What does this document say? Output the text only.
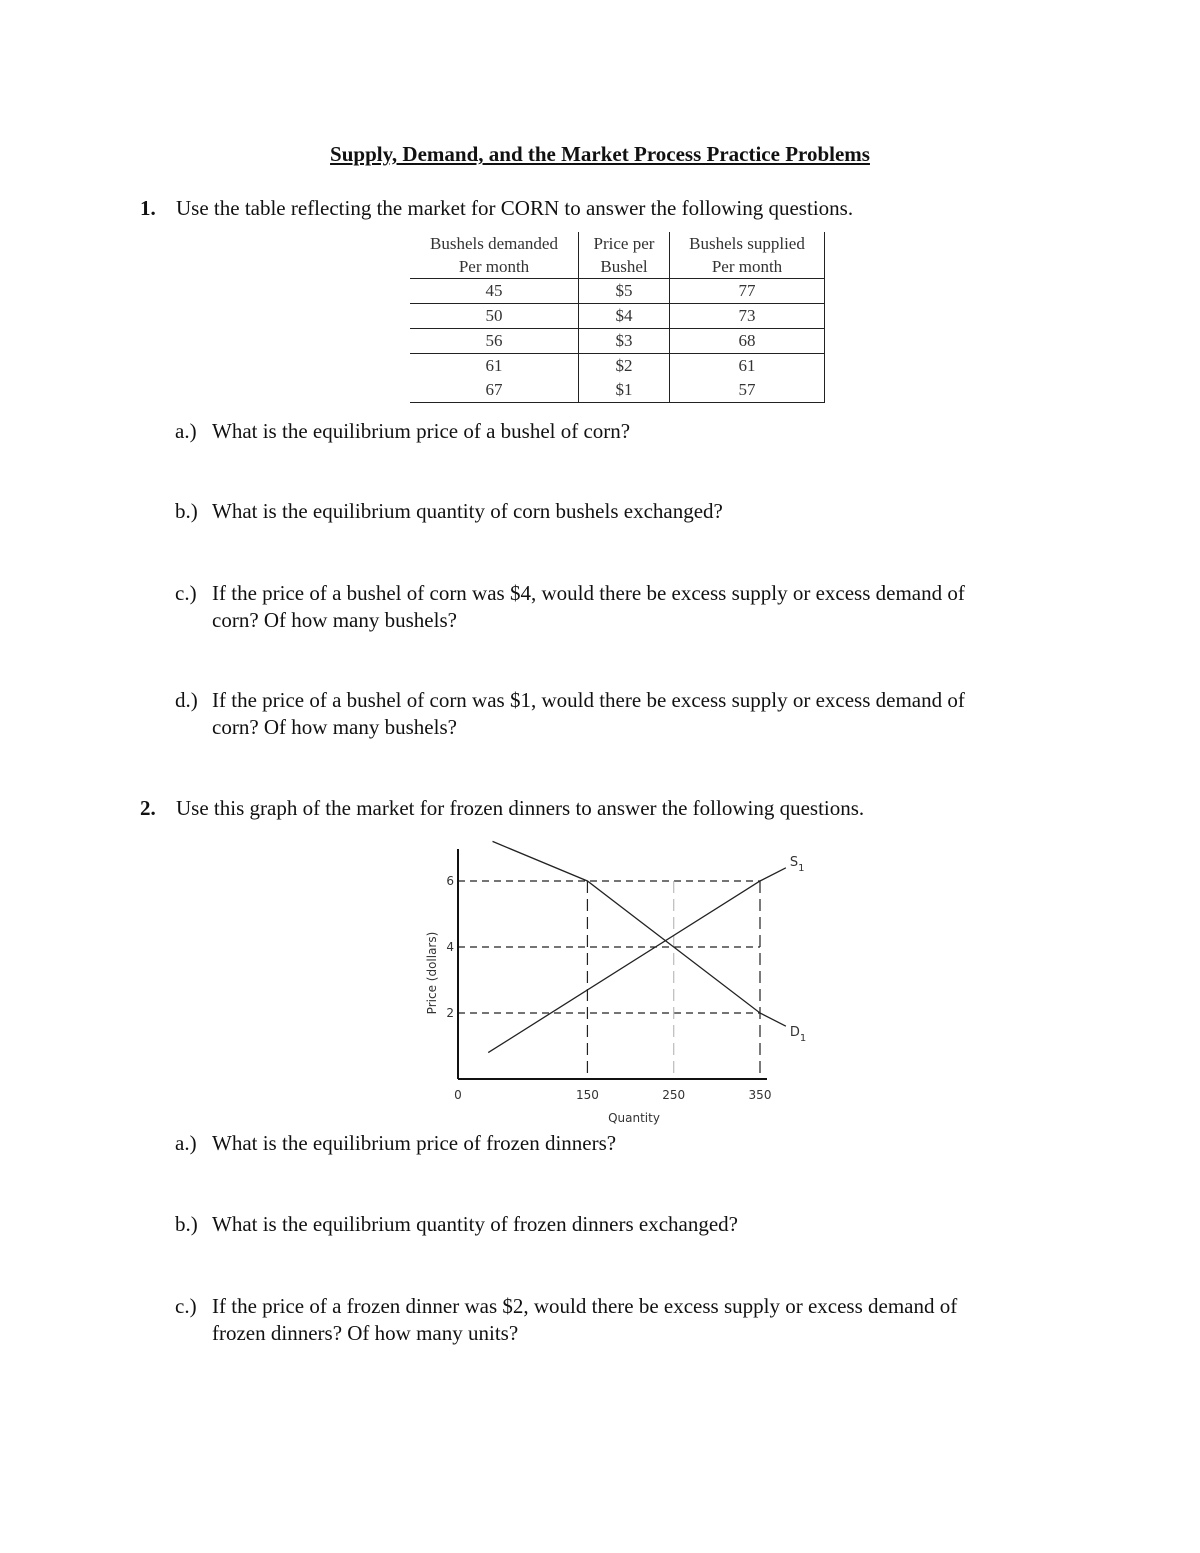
Supply, Demand, and the Market Process Practice Problems
1. Use the table reflecting the market for CORN to answer the following questions.
Bushels demanded	Price per	Bushels supplied
Per month	Bushel	Per month
45	$5	77
50	$4	73
56	$3	68
61	$2	61
67	$1	57
a.) What is the equilibrium price of a bushel of corn?
b.) What is the equilibrium quantity of corn bushels exchanged?
c.) If the price of a bushel of corn was $4, would there be excess supply or excess demand of
corn? Of how many bushels?
d.) If the price of a bushel of corn was $1, would there be excess supply or excess demand of
corn? Of how many bushels?
2. Use this graph of the market for frozen dinners to answer the following questions.
$S_1$
$D_1$
150	250	350
2
4
6
0
Quantity
Price (dollars)
a.) What is the equilibrium price of frozen dinners?
b.) What is the equilibrium quantity of frozen dinners exchanged?
c.) If the price of a frozen dinner was $2, would there be excess supply or excess demand of
frozen dinners? Of how many units?
